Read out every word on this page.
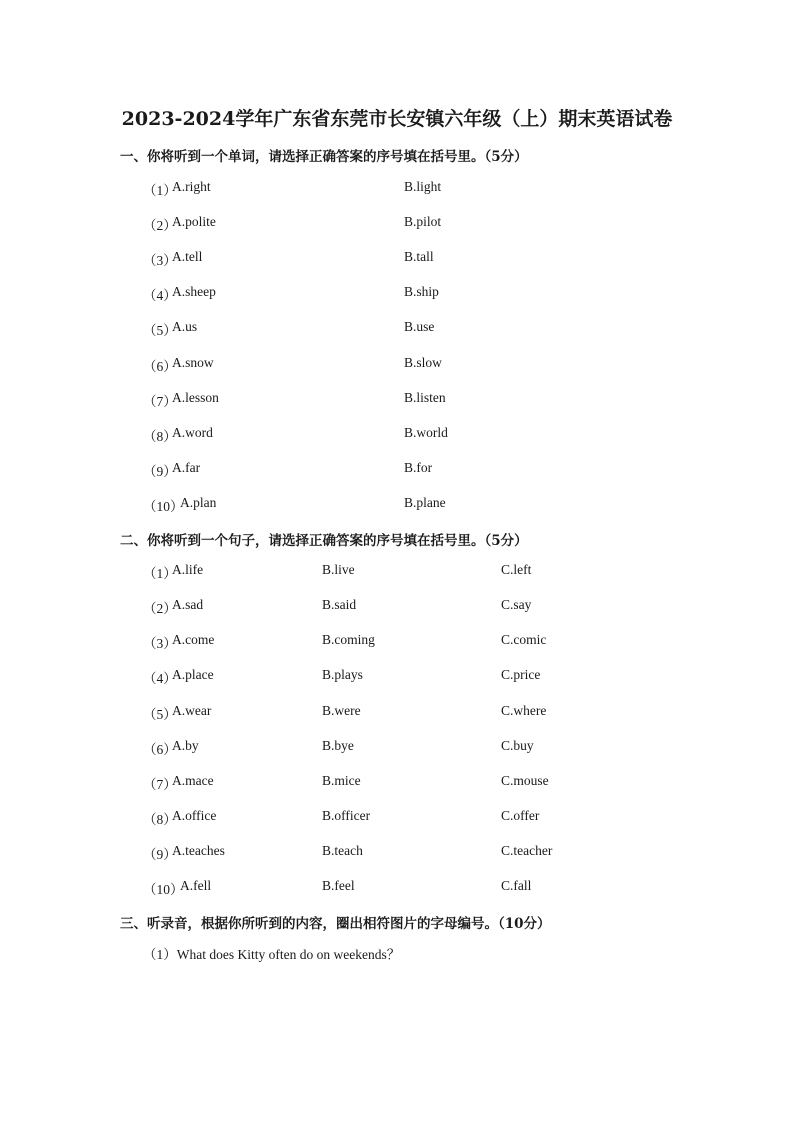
2023-2024学年广东省东莞市长安镇六年级（上）期末英语试卷
一、你将听到一个单词，请选择正确答案的序号填在括号里。（5分）
（1）
A.right	B.light
（2）
A.polite	B.pilot
（3）
A.tell	B.tall
（4）
A.sheep	B.ship
（5）
A.us	B.use
（6）
A.snow	B.slow
（7）
A.lesson	B.listen
（8）
A.word	B.world
（9）
A.far	B.for
（10）
A.plan	B.plane
二、你将听到一个句子，请选择正确答案的序号填在括号里。（5分）
（1）
A.life	B.live	C.left
（2）
A.sad	B.said	C.say
（3）
A.come	B.coming	C.comic
（4）
A.place	B.plays	C.price
（5）
A.wear	B.were	C.where
（6）
A.by	B.bye	C.buy
（7）
A.mace	B.mice	C.mouse
（8）
A.office	B.officer	C.offer
（9）
A.teaches	B.teach	C.teacher
（10）
A.fell	B.feel	C.fall
三、听录音，根据你所听到的内容，圈出相符图片的字母编号。（10分）
（1）What does Kitty often do on weekends？
